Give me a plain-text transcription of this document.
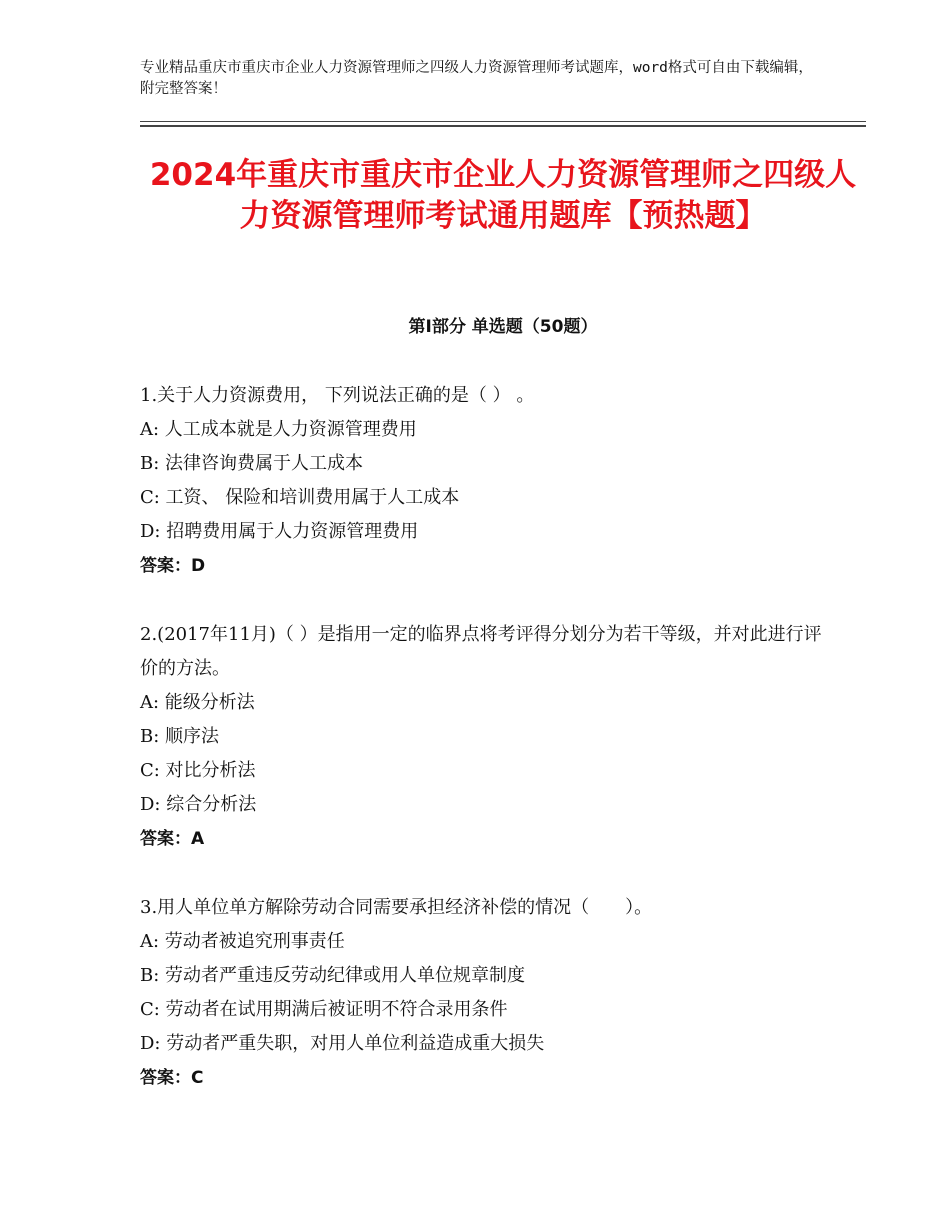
专业精品重庆市重庆市企业人力资源管理师之四级人力资源管理师考试题库，word格式可自由下载编辑，附完整答案！
2024年重庆市重庆市企业人力资源管理师之四级人力资源管理师考试通用题库【预热题】
第Ⅰ部分 单选题（50题）
1.关于人力资源费用， 下列说法正确的是（ ） 。
A: 人工成本就是人力资源管理费用
B: 法律咨询费属于人工成本
C: 工资、 保险和培训费用属于人工成本
D: 招聘费用属于人力资源管理费用
答案：D
2.(2017年11月)（ ）是指用一定的临界点将考评得分划分为若干等级，并对此进行评价的方法。
A: 能级分析法
B: 顺序法
C: 对比分析法
D: 综合分析法
答案：A
3.用人单位单方解除劳动合同需要承担经济补偿的情况（　　）。
A: 劳动者被追究刑事责任
B: 劳动者严重违反劳动纪律或用人单位规章制度
C: 劳动者在试用期满后被证明不符合录用条件
D: 劳动者严重失职，对用人单位利益造成重大损失
答案：C
